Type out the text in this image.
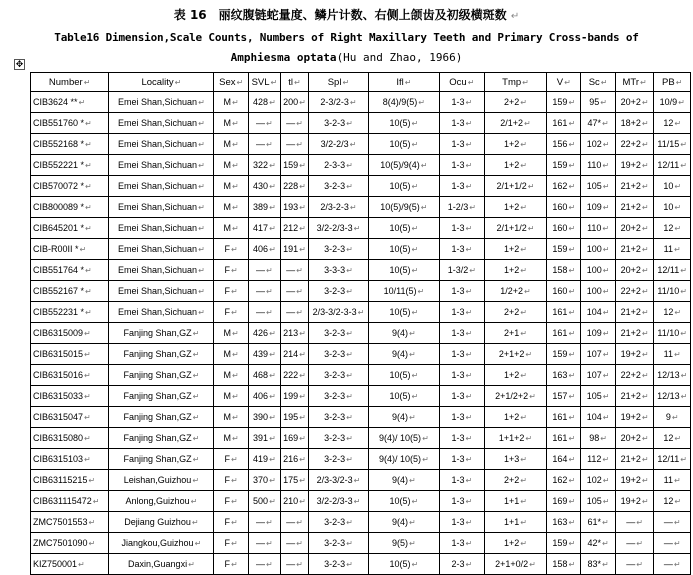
表 16　丽纹腹链蛇量度、鳞片计数、右侧上颌齿及初级横斑数 ↵
Table16 Dimension,Scale Counts, Numbers of Right Maxillary Teeth and Primary Cross-bands of
Amphiesma optata(Hu and Zhao, 1966)
✥
Number↵	Locality↵	Sex↵	SVL↵	tl↵	Spl↵	Ifl↵	Ocu↵	Tmp↵	V↵	Sc↵	MTr↵	PB↵
CIB3624 **↵	Emei Shan,Sichuan↵	M↵	428↵	200↵	2-3/2-3↵	8(4)/9(5)↵	1-3↵	2+2↵	159↵	95↵	20+2↵	10/9↵
CIB551760 *↵	Emei Shan,Sichuan↵	M↵	—↵	—↵	3-2-3↵	10(5)↵	1-3↵	2/1+2↵	161↵	47*↵	18+2↵	12↵
CIB552168 *↵	Emei Shan,Sichuan↵	M↵	—↵	—↵	3/2-2/3↵	10(5)↵	1-3↵	1+2↵	156↵	102↵	22+2↵	11/15↵
CIB552221 *↵	Emei Shan,Sichuan↵	M↵	322↵	159↵	2-3-3↵	10(5)/9(4)↵	1-3↵	1+2↵	159↵	110↵	19+2↵	12/11↵
CIB570072 *↵	Emei Shan,Sichuan↵	M↵	430↵	228↵	3-2-3↵	10(5)↵	1-3↵	2/1+1/2↵	162↵	105↵	21+2↵	10↵
CIB800089 *↵	Emei Shan,Sichuan↵	M↵	389↵	193↵	2/3-2-3↵	10(5)/9(5)↵	1-2/3↵	1+2↵	160↵	109↵	21+2↵	10↵
CIB645201 *↵	Emei Shan,Sichuan↵	M↵	417↵	212↵	3/2-2/3-3↵	10(5)↵	1-3↵	2/1+1/2↵	160↵	110↵	20+2↵	12↵
CIB-R00II *↵	Emei Shan,Sichuan↵	F↵	406↵	191↵	3-2-3↵	10(5)↵	1-3↵	1+2↵	159↵	100↵	21+2↵	11↵
CIB551764 *↵	Emei Shan,Sichuan↵	F↵	—↵	—↵	3-3-3↵	10(5)↵	1-3/2↵	1+2↵	158↵	100↵	20+2↵	12/11↵
CIB552167 *↵	Emei Shan,Sichuan↵	F↵	—↵	—↵	3-2-3↵	10/11(5)↵	1-3↵	1/2+2↵	160↵	100↵	22+2↵	11/10↵
CIB552231 *↵	Emei Shan,Sichuan↵	F↵	—↵	—↵	2/3-3/2-3-3↵	10(5)↵	1-3↵	2+2↵	161↵	104↵	21+2↵	12↵
CIB6315009↵	Fanjing Shan,GZ↵	M↵	426↵	213↵	3-2-3↵	9(4)↵	1-3↵	2+1↵	161↵	109↵	21+2↵	11/10↵
CIB6315015↵	Fanjing Shan,GZ↵	M↵	439↵	214↵	3-2-3↵	9(4)↵	1-3↵	2+1+2↵	159↵	107↵	19+2↵	11↵
CIB6315016↵	Fanjing Shan,GZ↵	M↵	468↵	222↵	3-2-3↵	10(5)↵	1-3↵	1+2↵	163↵	107↵	22+2↵	12/13↵
CIB6315033↵	Fanjing Shan,GZ↵	M↵	406↵	199↵	3-2-3↵	10(5)↵	1-3↵	2+1/2+2↵	157↵	105↵	21+2↵	12/13↵
CIB6315047↵	Fanjing Shan,GZ↵	M↵	390↵	195↵	3-2-3↵	9(4)↵	1-3↵	1+2↵	161↵	104↵	19+2↵	9↵
CIB6315080↵	Fanjing Shan,GZ↵	M↵	391↵	169↵	3-2-3↵	9(4)/ 10(5)↵	1-3↵	1+1+2↵	161↵	98↵	20+2↵	12↵
CIB6315103↵	Fanjing Shan,GZ↵	F↵	419↵	216↵	3-2-3↵	9(4)/ 10(5)↵	1-3↵	1+3↵	164↵	112↵	21+2↵	12/11↵
CIB63115215↵	Leishan,Guizhou↵	F↵	370↵	175↵	2/3-3/2-3↵	9(4)↵	1-3↵	2+2↵	162↵	102↵	19+2↵	11↵
CIB631115472↵	Anlong,Guizhou↵	F↵	500↵	210↵	3/2-2/3-3↵	10(5)↵	1-3↵	1+1↵	169↵	105↵	19+2↵	12↵
ZMC7501553↵	Dejiang Guizhou↵	F↵	—↵	—↵	3-2-3↵	9(4)↵	1-3↵	1+1↵	163↵	61*↵	—↵	—↵
ZMC7501090↵	Jiangkou,Guizhou↵	F↵	—↵	—↵	3-2-3↵	9(5)↵	1-3↵	1+2↵	159↵	42*↵	—↵	—↵
KIZ750001↵	Daxin,Guangxi↵	F↵	—↵	—↵	3-2-3↵	10(5)↵	2-3↵	2+1+0/2↵	158↵	83*↵	—↵	—↵
